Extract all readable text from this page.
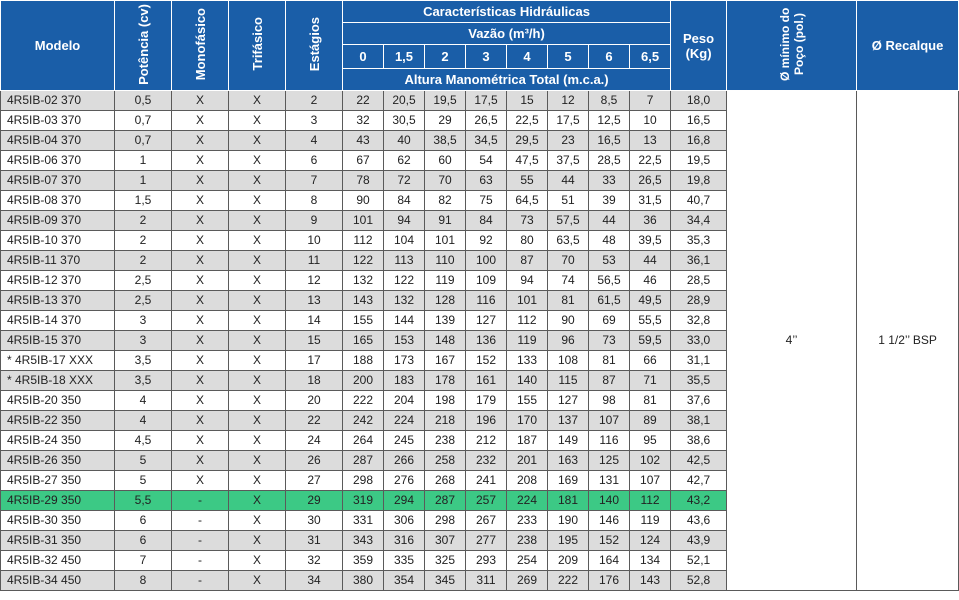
Modelo	Potência (cv)	Monofásico	Trifásico	Estágios	Características Hidráulicas								Peso
(Kg)	Ø mínimo do Poço (pol.)	Ø Recalque
					Vazão (m³/h)										
					0	1,5	2	3	4	5	6	6,5			
					Altura Manométrica Total (m.c.a.)										
4R5IB-02 370	0,5	X	X	2	22	20,5	19,5	17,5	15	12	8,5	7	18,0	4’’	1 1/2’’ BSP
4R5IB-03 370	0,7	X	X	3	32	30,5	29	26,5	22,5	17,5	12,5	10	16,5		
4R5IB-04 370	0,7	X	X	4	43	40	38,5	34,5	29,5	23	16,5	13	16,8		
4R5IB-06 370	1	X	X	6	67	62	60	54	47,5	37,5	28,5	22,5	19,5		
4R5IB-07 370	1	X	X	7	78	72	70	63	55	44	33	26,5	19,8		
4R5IB-08 370	1,5	X	X	8	90	84	82	75	64,5	51	39	31,5	40,7		
4R5IB-09 370	2	X	X	9	101	94	91	84	73	57,5	44	36	34,4		
4R5IB-10 370	2	X	X	10	112	104	101	92	80	63,5	48	39,5	35,3		
4R5IB-11 370	2	X	X	11	122	113	110	100	87	70	53	44	36,1		
4R5IB-12 370	2,5	X	X	12	132	122	119	109	94	74	56,5	46	28,5		
4R5IB-13 370	2,5	X	X	13	143	132	128	116	101	81	61,5	49,5	28,9		
4R5IB-14 370	3	X	X	14	155	144	139	127	112	90	69	55,5	32,8		
4R5IB-15 370	3	X	X	15	165	153	148	136	119	96	73	59,5	33,0		
* 4R5IB-17 XXX	3,5	X	X	17	188	173	167	152	133	108	81	66	31,1		
* 4R5IB-18 XXX	3,5	X	X	18	200	183	178	161	140	115	87	71	35,5		
4R5IB-20 350	4	X	X	20	222	204	198	179	155	127	98	81	37,6		
4R5IB-22 350	4	X	X	22	242	224	218	196	170	137	107	89	38,1		
4R5IB-24 350	4,5	X	X	24	264	245	238	212	187	149	116	95	38,6		
4R5IB-26 350	5	X	X	26	287	266	258	232	201	163	125	102	42,5		
4R5IB-27 350	5	X	X	27	298	276	268	241	208	169	131	107	42,7		
4R5IB-29 350	5,5	-	X	29	319	294	287	257	224	181	140	112	43,2		
4R5IB-30 350	6	-	X	30	331	306	298	267	233	190	146	119	43,6		
4R5IB-31 350	6	-	X	31	343	316	307	277	238	195	152	124	43,9		
4R5IB-32 450	7	-	X	32	359	335	325	293	254	209	164	134	52,1		
4R5IB-34 450	8	-	X	34	380	354	345	311	269	222	176	143	52,8		
